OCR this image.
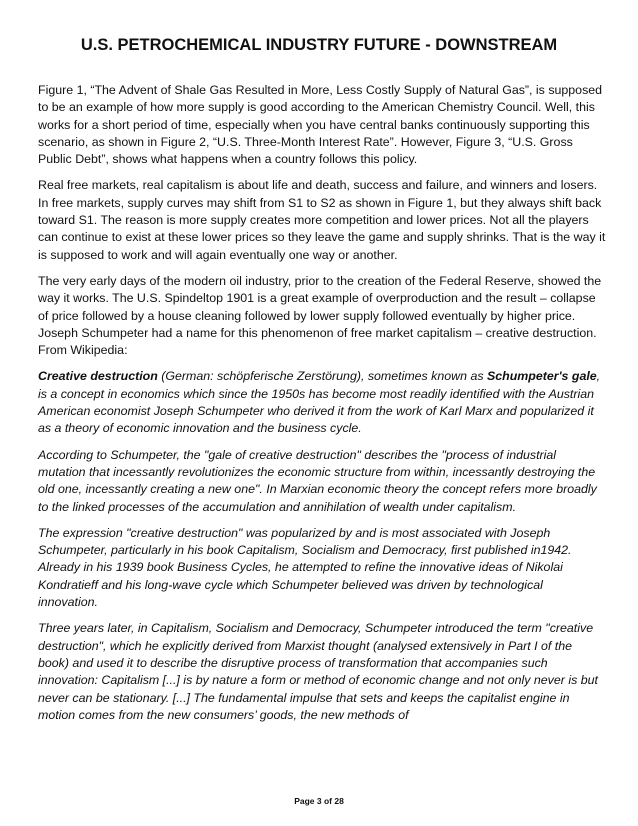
U.S. PETROCHEMICAL INDUSTRY FUTURE - DOWNSTREAM

Figure 1, “The Advent of Shale Gas Resulted in More, Less Costly Supply of Natural Gas”, is supposed to be an example of how more supply is good according to the American Chemistry Council. Well, this works for a short period of time, especially when you have central banks continuously supporting this scenario, as shown in Figure 2, “U.S. Three-Month Interest Rate”. However, Figure 3, “U.S. Gross Public Debt”, shows what happens when a country follows this policy.

Real free markets, real capitalism is about life and death, success and failure, and winners and losers. In free markets, supply curves may shift from S1 to S2 as shown in Figure 1, but they always shift back toward S1. The reason is more supply creates more competition and lower prices. Not all the players can continue to exist at these lower prices so they leave the game and supply shrinks. That is the way it is supposed to work and will again eventually one way or another.

The very early days of the modern oil industry, prior to the creation of the Federal Reserve, showed the way it works. The U.S. Spindeltop 1901 is a great example of overproduction and the result – collapse of price followed by a house cleaning followed by lower supply followed eventually by higher price. Joseph Schumpeter had a name for this phenomenon of free market capitalism – creative destruction. From Wikipedia:

Creative destruction (German: schöpferische Zerstörung), sometimes known as Schumpeter's gale, is a concept in economics which since the 1950s has become most readily identified with the Austrian American economist Joseph Schumpeter who derived it from the work of Karl Marx and popularized it as a theory of economic innovation and the business cycle.

According to Schumpeter, the "gale of creative destruction" describes the "process of industrial mutation that incessantly revolutionizes the economic structure from within, incessantly destroying the old one, incessantly creating a new one". In Marxian economic theory the concept refers more broadly to the linked processes of the accumulation and annihilation of wealth under capitalism.

The expression "creative destruction" was popularized by and is most associated with Joseph Schumpeter, particularly in his book Capitalism, Socialism and Democracy, first published in1942. Already in his 1939 book Business Cycles, he attempted to refine the innovative ideas of Nikolai Kondratieff and his long-wave cycle which Schumpeter believed was driven by technological innovation.

Three years later, in Capitalism, Socialism and Democracy, Schumpeter introduced the term "creative destruction", which he explicitly derived from Marxist thought (analysed extensively in Part I of the book) and used it to describe the disruptive process of transformation that accompanies such innovation: Capitalism [...] is by nature a form or method of economic change and not only never is but never can be stationary. [...] The fundamental impulse that sets and keeps the capitalist engine in motion comes from the new consumers’ goods, the new methods of

Page 3 of 28
